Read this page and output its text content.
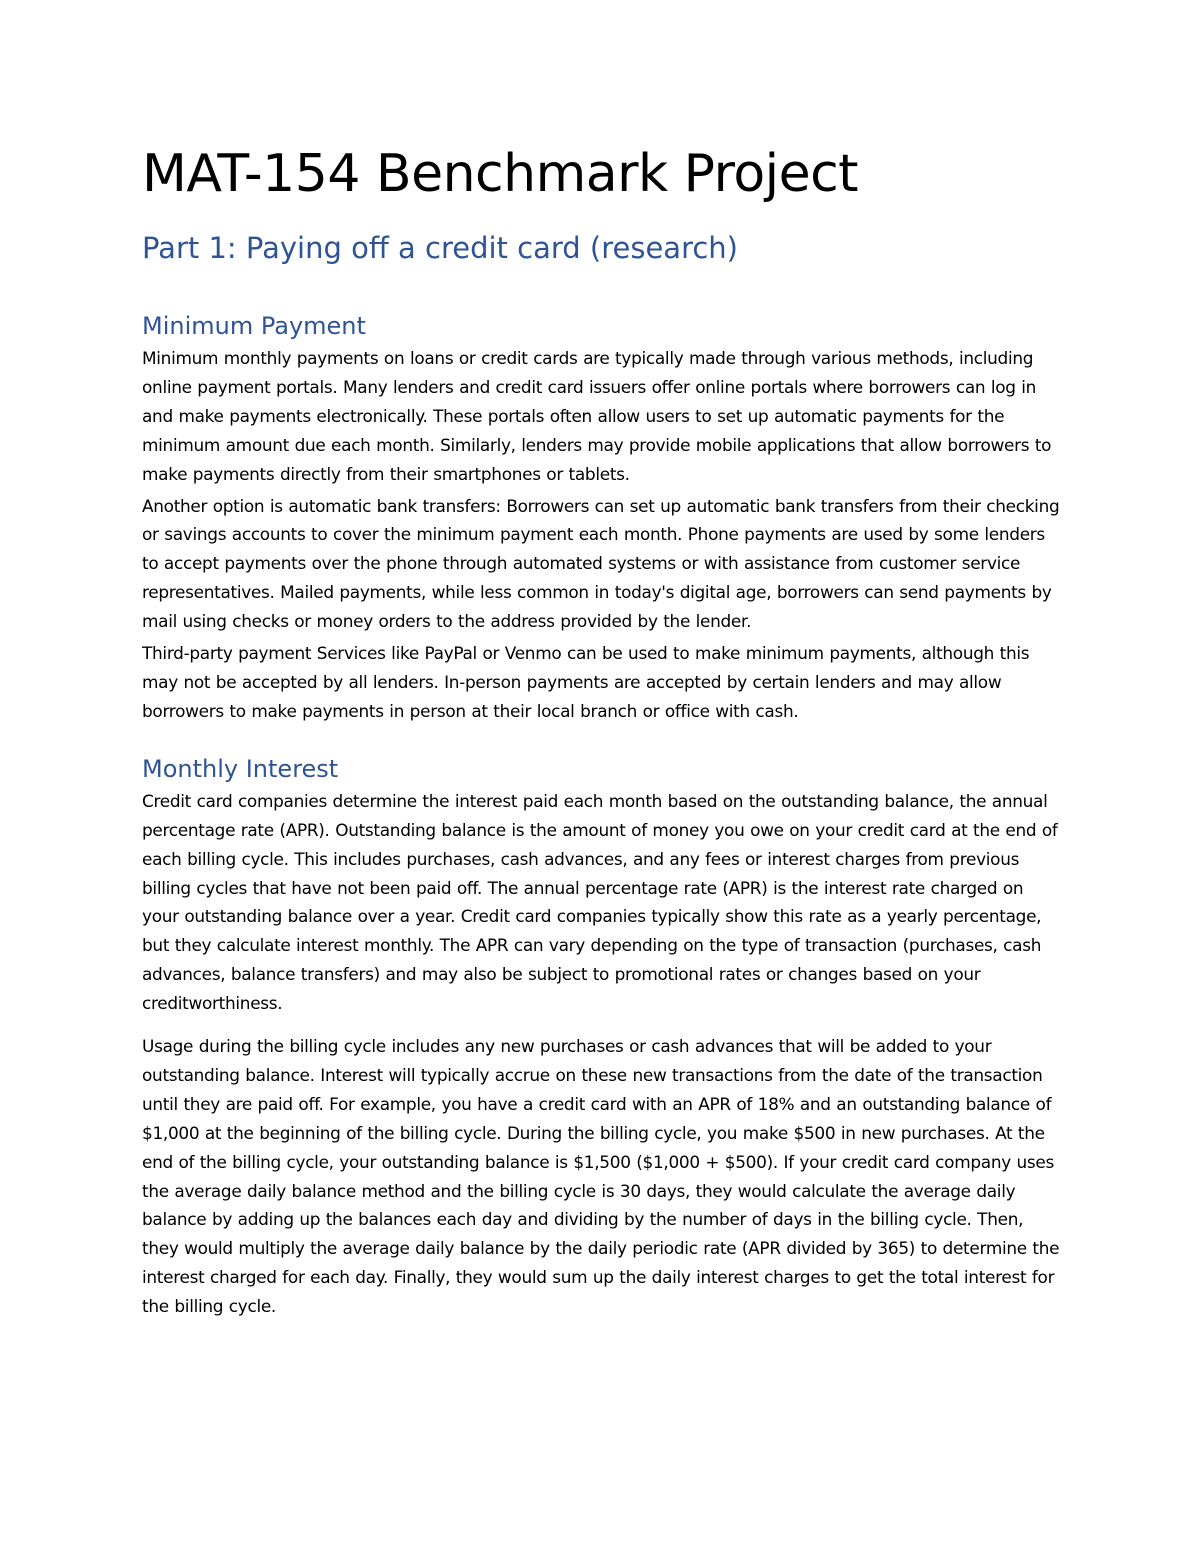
MAT-154 Benchmark Project
Part 1: Paying off a credit card (research)
Minimum Payment

Minimum monthly payments on loans or credit cards are typically made through various methods, including online payment portals. Many lenders and credit card issuers offer online portals where borrowers can log in and make payments electronically. These portals often allow users to set up automatic payments for the minimum amount due each month. Similarly, lenders may provide mobile applications that allow borrowers to make payments directly from their smartphones or tablets.

Another option is automatic bank transfers: Borrowers can set up automatic bank transfers from their checking or savings accounts to cover the minimum payment each month. Phone payments are used by some lenders to accept payments over the phone through automated systems or with assistance from customer service representatives. Mailed payments, while less common in today's digital age, borrowers can send payments by mail using checks or money orders to the address provided by the lender.

Third-party payment Services like PayPal or Venmo can be used to make minimum payments, although this may not be accepted by all lenders. In-person payments are accepted by certain lenders and may allow borrowers to make payments in person at their local branch or office with cash.

Monthly Interest

Credit card companies determine the interest paid each month based on the outstanding balance, the annual percentage rate (APR). Outstanding balance is the amount of money you owe on your credit card at the end of each billing cycle. This includes purchases, cash advances, and any fees or interest charges from previous billing cycles that have not been paid off. The annual percentage rate (APR) is the interest rate charged on your outstanding balance over a year. Credit card companies typically show this rate as a yearly percentage, but they calculate interest monthly. The APR can vary depending on the type of transaction (purchases, cash advances, balance transfers) and may also be subject to promotional rates or changes based on your creditworthiness.

Usage during the billing cycle includes any new purchases or cash advances that will be added to your outstanding balance. Interest will typically accrue on these new transactions from the date of the transaction until they are paid off. For example, you have a credit card with an APR of 18% and an outstanding balance of $1,000 at the beginning of the billing cycle. During the billing cycle, you make $500 in new purchases. At the end of the billing cycle, your outstanding balance is $1,500 ($1,000 + $500). If your credit card company uses the average daily balance method and the billing cycle is 30 days, they would calculate the average daily balance by adding up the balances each day and dividing by the number of days in the billing cycle. Then, they would multiply the average daily balance by the daily periodic rate (APR divided by 365) to determine the interest charged for each day. Finally, they would sum up the daily interest charges to get the total interest for the billing cycle.
